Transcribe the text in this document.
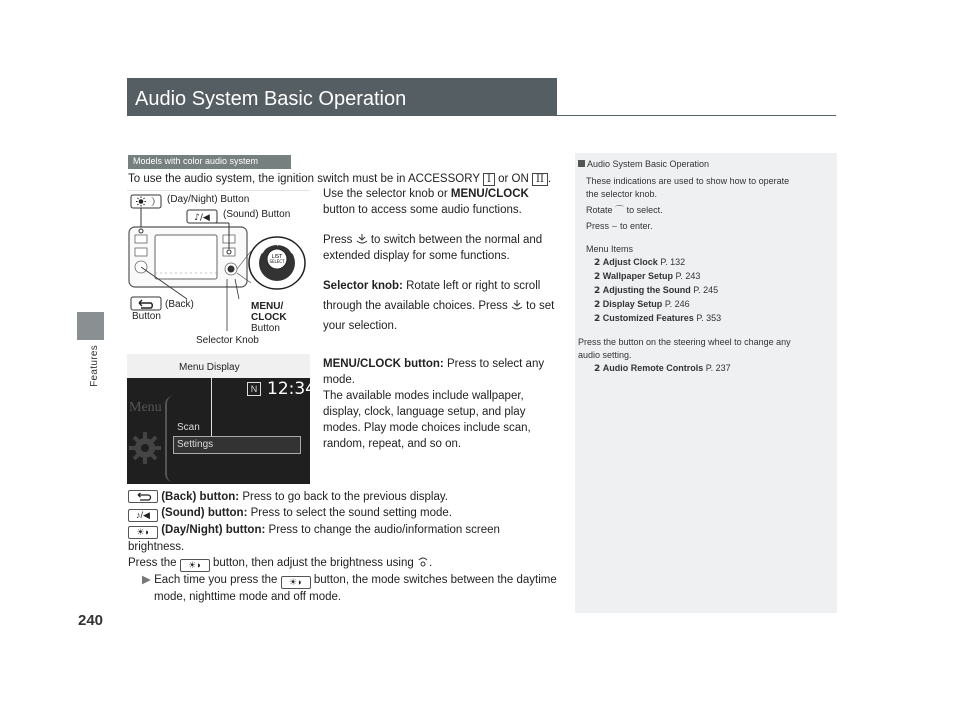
Features
240
Audio System Basic Operation
Models with color audio system
To use the audio system, the ignition switch must be in ACCESSORY I or ON II .
♪/◀
LIST
SELECT
(Day/Night) Button
(Sound) Button
(Back)
Button
MENU/
CLOCK
Button
Selector Knob
Menu Display
Menu
N 12:34
Scan
Settings
Use the selector knob or MENU/CLOCK
button to access some audio functions.
Press to switch between the normal and
extended display for some functions.
Selector knob: Rotate left or right to scroll
through the available choices. Press to set
your selection.
MENU/CLOCK button: Press to select any
mode.
The available modes include wallpaper,
display, clock, language setup, and play
modes. Play mode choices include scan,
random, repeat, and so on.
(Back) button: Press to go back to the previous display.
♪/◀ (Sound) button: Press to select the sound setting mode.
☀◗ (Day/Night) button: Press to change the audio/information screen
brightness.
Press the ☀◗ button, then adjust the brightness using .
▶ Each time you press the ☀◗ button, the mode switches between the daytime
mode, nighttime mode and off mode.
Audio System Basic Operation
These indications are used to show how to operate
the selector knob.
Rotate ⌒ to select.
Press ⌣ to enter.
Menu Items
2 Adjust Clock P. 132
2 Wallpaper Setup P. 243
2 Adjusting the Sound P. 245
2 Display Setup P. 246
2 Customized Features P. 353
Press the button on the steering wheel to change any
audio setting.
2 Audio Remote Controls P. 237
